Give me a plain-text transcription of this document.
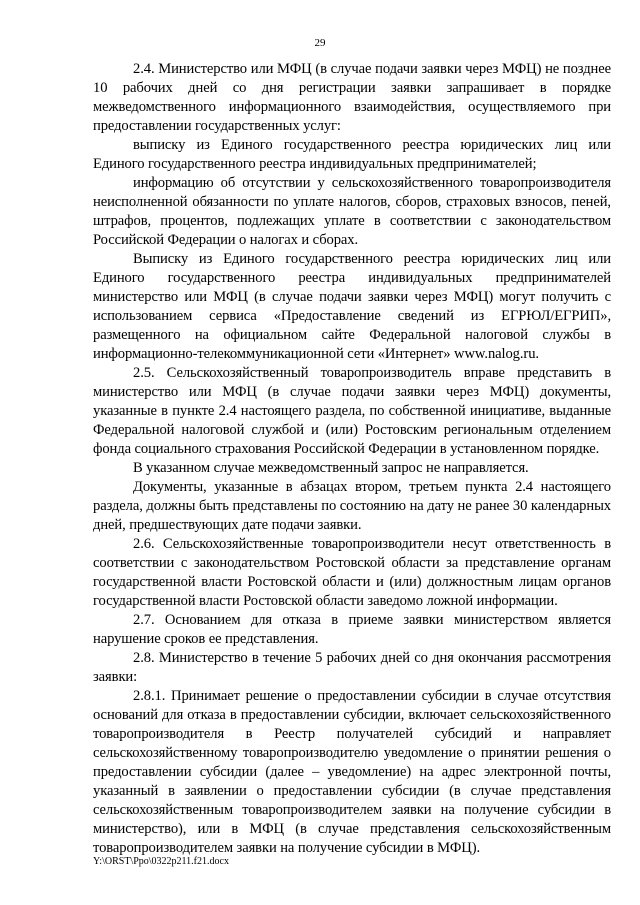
29

2.4. Министерство или МФЦ (в случае подачи заявки через МФЦ) не позднее 10 рабочих дней со дня регистрации заявки запрашивает в порядке межведомственного информационного взаимодействия, осуществляемого при предоставлении государственных услуг:

выписку из Единого государственного реестра юридических лиц или Единого государственного реестра индивидуальных предпринимателей;

информацию об отсутствии у сельскохозяйственного товаропроизводителя неисполненной обязанности по уплате налогов, сборов, страховых взносов, пеней, штрафов, процентов, подлежащих уплате в соответствии с законодательством Российской Федерации о налогах и сборах.

Выписку из Единого государственного реестра юридических лиц или Единого государственного реестра индивидуальных предпринимателей министерство или МФЦ (в случае подачи заявки через МФЦ) могут получить с использованием сервиса «Предоставление сведений из ЕГРЮЛ/ЕГРИП», размещенного на официальном сайте Федеральной налоговой службы в информационно-телекоммуникационной сети «Интернет» www.nalog.ru.

2.5. Сельскохозяйственный товаропроизводитель вправе представить в министерство или МФЦ (в случае подачи заявки через МФЦ) документы, указанные в пункте 2.4 настоящего раздела, по собственной инициативе, выданные Федеральной налоговой службой и (или) Ростовским региональным отделением фонда социального страхования Российской Федерации в установленном порядке.

В указанном случае межведомственный запрос не направляется.

Документы, указанные в абзацах втором, третьем пункта 2.4 настоящего раздела, должны быть представлены по состоянию на дату не ранее 30 календарных дней, предшествующих дате подачи заявки.

2.6. Сельскохозяйственные товаропроизводители несут ответственность в соответствии с законодательством Ростовской области за представление органам государственной власти Ростовской области и (или) должностным лицам органов государственной власти Ростовской области заведомо ложной информации.

2.7. Основанием для отказа в приеме заявки министерством является нарушение сроков ее представления.

2.8. Министерство в течение 5 рабочих дней со дня окончания рассмотрения заявки:

2.8.1. Принимает решение о предоставлении субсидии в случае отсутствия оснований для отказа в предоставлении субсидии, включает сельскохозяйственного товаропроизводителя в Реестр получателей субсидий и направляет сельскохозяйственному товаропроизводителю уведомление о принятии решения о предоставлении субсидии (далее – уведомление) на адрес электронной почты, указанный в заявлении о предоставлении субсидии (в случае представления сельскохозяйственным товаропроизводителем заявки на получение субсидии в министерство), или в МФЦ (в случае представления сельскохозяйственным товаропроизводителем заявки на получение субсидии в МФЦ).

Y:\ORST\Ppo\0322p211.f21.docx
